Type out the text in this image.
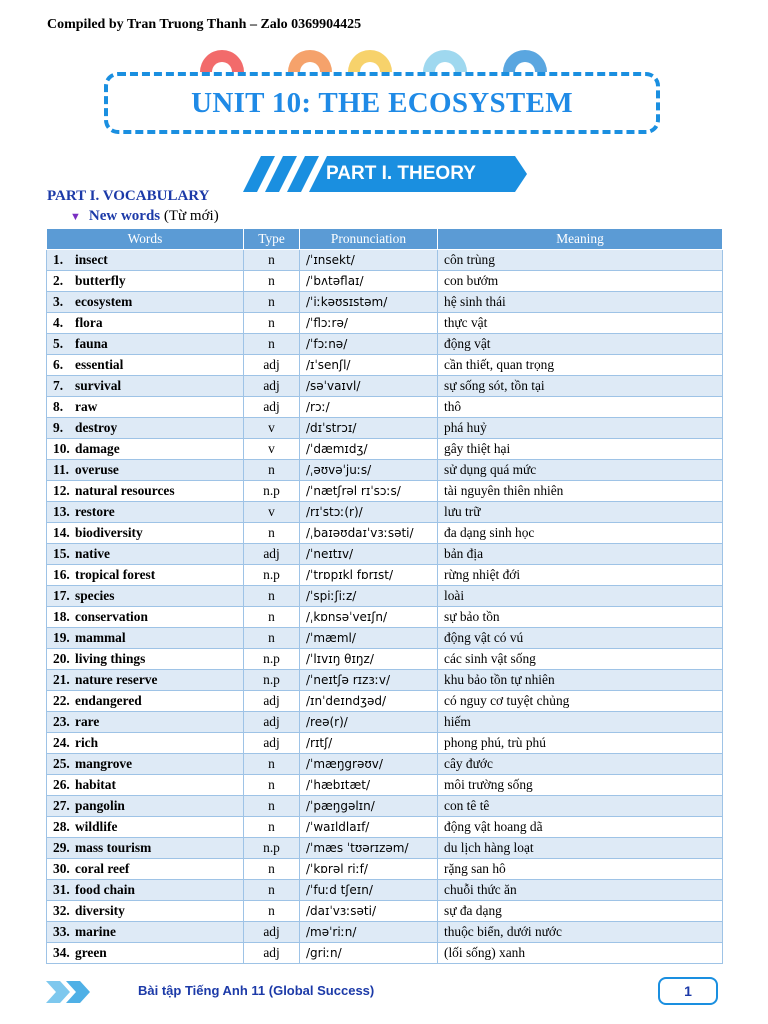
Compiled by Tran Truong Thanh – Zalo 0369904425
UNIT 10: THE ECOSYSTEM
PART I. THEORY
PART I. VOCABULARY
▼ New words (Từ mới)
Words	Type	Pronunciation	Meaning
1. insect	n	/ˈɪnsekt/	côn trùng
2. butterfly	n	/ˈbʌtəflaɪ/	con bướm
3. ecosystem	n	/ˈiːkəʊsɪstəm/	hệ sinh thái
4. flora	n	/ˈflɔːrə/	thực vật
5. fauna	n	/ˈfɔːnə/	động vật
6. essential	adj	/ɪˈsenʃl/	cần thiết, quan trọng
7. survival	adj	/səˈvaɪvl/	sự sống sót, tồn tại
8. raw	adj	/rɔː/	thô
9. destroy	v	/dɪˈstrɔɪ/	phá huỷ
10. damage	v	/ˈdæmɪdʒ/	gây thiệt hại
11. overuse	n	/ˌəʊvəˈjuːs/	sử dụng quá mức
12. natural resources	n.p	/ˈnætʃrəl rɪˈsɔːs/	tài nguyên thiên nhiên
13. restore	v	/rɪˈstɔː(r)/	lưu trữ
14. biodiversity	n	/ˌbaɪəʊdaɪˈvɜːsəti/	đa dạng sinh học
15. native	adj	/ˈneɪtɪv/	bản địa
16. tropical forest	n.p	/ˈtrɒpɪkl fɒrɪst/	rừng nhiệt đới
17. species	n	/ˈspiːʃiːz/	loài
18. conservation	n	/ˌkɒnsəˈveɪʃn/	sự bảo tồn
19. mammal	n	/ˈmæml/	động vật có vú
20. living things	n.p	/ˈlɪvɪŋ θɪŋz/	các sinh vật sống
21. nature reserve	n.p	/ˈneɪtʃə rɪzɜːv/	khu bảo tồn tự nhiên
22. endangered	adj	/ɪnˈdeɪndʒəd/	có nguy cơ tuyệt chủng
23. rare	adj	/reə(r)/	hiếm
24. rich	adj	/rɪtʃ/	phong phú, trù phú
25. mangrove	n	/ˈmæŋgrəʊv/	cây đước
26. habitat	n	/ˈhæbɪtæt/	môi trường sống
27. pangolin	n	/ˈpæŋgəlɪn/	con tê tê
28. wildlife	n	/ˈwaɪldlaɪf/	động vật hoang dã
29. mass tourism	n.p	/ˈmæs ˈtʊərɪzəm/	du lịch hàng loạt
30. coral reef	n	/ˈkɒrəl riːf/	rặng san hô
31. food chain	n	/ˈfuːd tʃeɪn/	chuỗi thức ăn
32. diversity	n	/daɪˈvɜːsəti/	sự đa dạng
33. marine	adj	/məˈriːn/	thuộc biển, dưới nước
34. green	adj	/griːn/	(lối sống) xanh
Bài tập Tiếng Anh 11 (Global Success)	1
